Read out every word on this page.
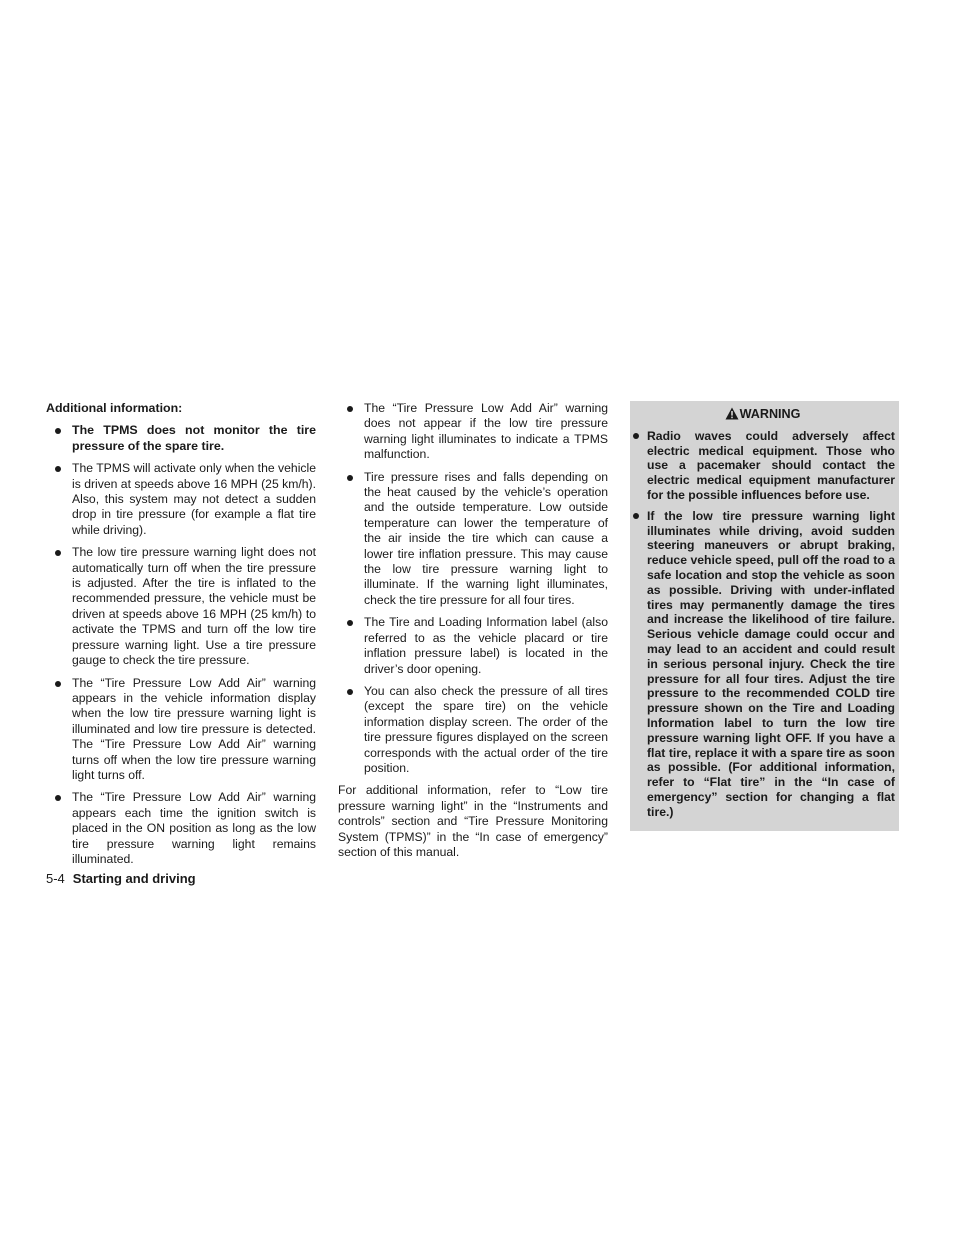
Additional information:
The TPMS does not monitor the tire pressure of the spare tire.
The TPMS will activate only when the vehicle is driven at speeds above 16 MPH (25 km/h). Also, this system may not detect a sudden drop in tire pressure (for example a flat tire while driving).
The low tire pressure warning light does not automatically turn off when the tire pressure is adjusted. After the tire is inflated to the recommended pressure, the vehicle must be driven at speeds above 16 MPH (25 km/h) to activate the TPMS and turn off the low tire pressure warning light. Use a tire pressure gauge to check the tire pressure.
The “Tire Pressure Low Add Air” warning appears in the vehicle information display when the low tire pressure warning light is illuminated and low tire pressure is detected. The “Tire Pressure Low Add Air” warning turns off when the low tire pressure warning light turns off.
The “Tire Pressure Low Add Air” warning appears each time the ignition switch is placed in the ON position as long as the low tire pressure warning light remains illuminated.
The “Tire Pressure Low Add Air” warning does not appear if the low tire pressure warning light illuminates to indicate a TPMS malfunction.
Tire pressure rises and falls depending on the heat caused by the vehicle’s operation and the outside temperature. Low outside temperature can lower the temperature of the air inside the tire which can cause a lower tire inflation pressure. This may cause the low tire pressure warning light to illuminate. If the warning light illuminates, check the tire pressure for all four tires.
The Tire and Loading Information label (also referred to as the vehicle placard or tire inflation pressure label) is located in the driver’s door opening.
You can also check the pressure of all tires (except the spare tire) on the vehicle information display screen. The order of the tire pressure figures displayed on the screen corresponds with the actual order of the tire position.

For additional information, refer to “Low tire pressure warning light” in the “Instruments and controls” section and “Tire Pressure Monitoring System (TPMS)” in the “In case of emergency” section of this manual.

WARNING
Radio waves could adversely affect electric medical equipment. Those who use a pacemaker should contact the electric medical equipment manufacturer for the possible influences before use.
If the low tire pressure warning light illuminates while driving, avoid sudden steering maneuvers or abrupt braking, reduce vehicle speed, pull off the road to a safe location and stop the vehicle as soon as possible. Driving with under-inflated tires may permanently damage the tires and increase the likelihood of tire failure. Serious vehicle damage could occur and may lead to an accident and could result in serious personal injury. Check the tire pressure for all four tires. Adjust the tire pressure to the recommended COLD tire pressure shown on the Tire and Loading Information label to turn the low tire pressure warning light OFF. If you have a flat tire, replace it with a spare tire as soon as possible. (For additional information, refer to “Flat tire” in the “In case of emergency” section for changing a flat tire.)
5-4 Starting and driving
